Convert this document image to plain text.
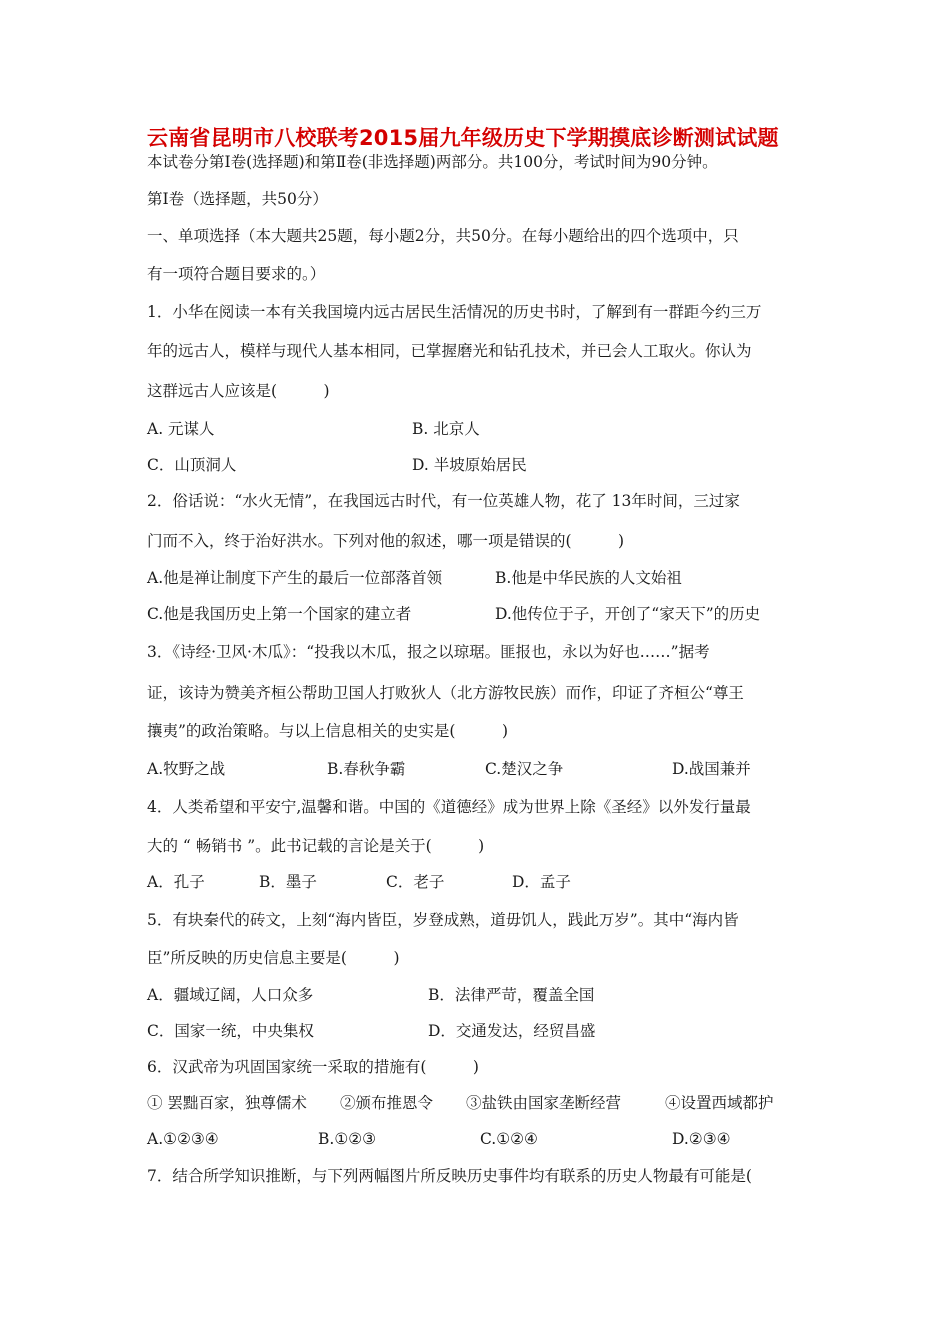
云南省昆明市八校联考2015届九年级历史下学期摸底诊断测试试题
本试卷分第Ⅰ卷(选择题)和第Ⅱ卷(非选择题)两部分。共100分，考试时间为90分钟。
第Ⅰ卷（选择题，共50分）
一、单项选择（本大题共25题，每小题2分，共50分。在每小题给出的四个选项中，只
有一项符合题目要求的。）
1．小华在阅读一本有关我国境内远古居民生活情况的历史书时，了解到有一群距今约三万
年的远古人，模样与现代人基本相同，已掌握磨光和钻孔技术，并已会人工取火。你认为
这群远古人应该是(　　　)
A. 元谋人	B. 北京人
C．山顶洞人	D. 半坡原始居民
2．俗话说：“水火无情”，在我国远古时代，有一位英雄人物，花了 13年时间，三过家
门而不入，终于治好洪水。下列对他的叙述，哪一项是错误的(　　　)
A.他是禅让制度下产生的最后一位部落首领	B.他是中华民族的人文始祖
C.他是我国历史上第一个国家的建立者	D.他传位于子，开创了“家天下”的历史
3．《诗经·卫风·木瓜》：“投我以木瓜，报之以琼琚。匪报也，永以为好也……”据考
证，该诗为赞美齐桓公帮助卫国人打败狄人（北方游牧民族）而作，印证了齐桓公“尊王
攘夷”的政治策略。与以上信息相关的史实是(　　　)
A.牧野之战	B.春秋争霸	C.楚汉之争	D.战国兼并
4．人类希望和平安宁,温馨和谐。中国的《道德经》成为世界上除《圣经》以外发行量最
大的 “ 畅销书 ”。此书记载的言论是关于(　　　)
A．孔子	B．墨子	C．老子	D．孟子
5．有块秦代的砖文，上刻“海内皆臣，岁登成熟，道毋饥人，践此万岁”。其中“海内皆
臣”所反映的历史信息主要是(　　　)
A．疆域辽阔，人口众多	B．法律严苛，覆盖全国
C．国家一统，中央集权	D．交通发达，经贸昌盛
6．汉武帝为巩固国家统一采取的措施有(　　　)
① 罢黜百家，独尊儒术 ②颁布推恩令 ③盐铁由国家垄断经营	④设置西域都护
A.①②③④	B.①②③	C.①②④	D.②③④
7．结合所学知识推断，与下列两幅图片所反映历史事件均有联系的历史人物最有可能是(
